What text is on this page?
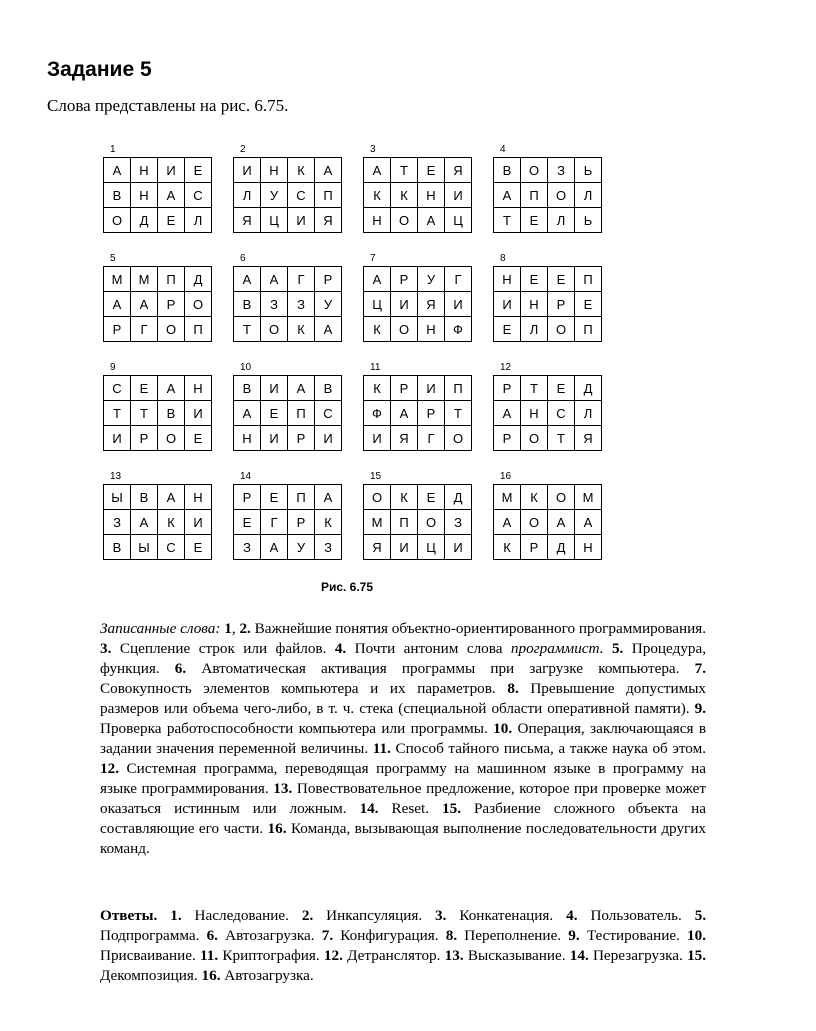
Задание 5
Слова представлены на рис. 6.75.
1
А	Н	И	Е
В	Н	А	С
О	Д	Е	Л
2
И	Н	К	А
Л	У	С	П
Я	Ц	И	Я
3
А	Т	Е	Я
К	К	Н	И
Н	О	А	Ц
4
В	О	З	Ь
А	П	О	Л
Т	Е	Л	Ь
5
М	М	П	Д
А	А	Р	О
Р	Г	О	П
6
А	А	Г	Р
В	З	З	У
Т	О	К	А
7
А	Р	У	Г
Ц	И	Я	И
К	О	Н	Ф
8
Н	Е	Е	П
И	Н	Р	Е
Е	Л	О	П
9
С	Е	А	Н
Т	Т	В	И
И	Р	О	Е
10
В	И	А	В
А	Е	П	С
Н	И	Р	И
11
К	Р	И	П
Ф	А	Р	Т
И	Я	Г	О
12
Р	Т	Е	Д
А	Н	С	Л
Р	О	Т	Я
13
Ы	В	А	Н
З	А	К	И
В	Ы	С	Е
14
Р	Е	П	А
Е	Г	Р	К
З	А	У	З
15
О	К	Е	Д
М	П	О	З
Я	И	Ц	И
16
М	К	О	М
А	О	А	А
К	Р	Д	Н
Рис. 6.75
Записанные слова: 1, 2. Важнейшие понятия объектно-ориентированного программирования. 3. Сцепление строк или файлов. 4. Почти антоним слова программист. 5. Процедура, функция. 6. Автоматическая активация программы при загрузке компьютера. 7. Совокупность элементов компьютера и их параметров. 8. Превышение допустимых размеров или объема чего-либо, в т. ч. стека (специальной области оперативной памяти). 9. Проверка работоспособности компьютера или программы. 10. Операция, заключающаяся в задании значения переменной величины. 11. Способ тайного письма, а также наука об этом. 12. Системная программа, переводящая программу на машинном языке в программу на языке программирования. 13. Повествовательное предложение, которое при проверке может оказаться истинным или ложным. 14. Reset. 15. Разбиение сложного объекта на составляющие его части. 16. Команда, вызывающая выполнение последовательности других команд.
Ответы. 1. Наследование. 2. Инкапсуляция. 3. Конкатенация. 4. Пользователь. 5. Подпрограмма. 6. Автозагрузка. 7. Конфигурация. 8. Переполнение. 9. Тестирование. 10. Присваивание. 11. Криптография. 12. Детранслятор. 13. Высказывание. 14. Перезагрузка. 15. Декомпозиция. 16. Автозагрузка.
